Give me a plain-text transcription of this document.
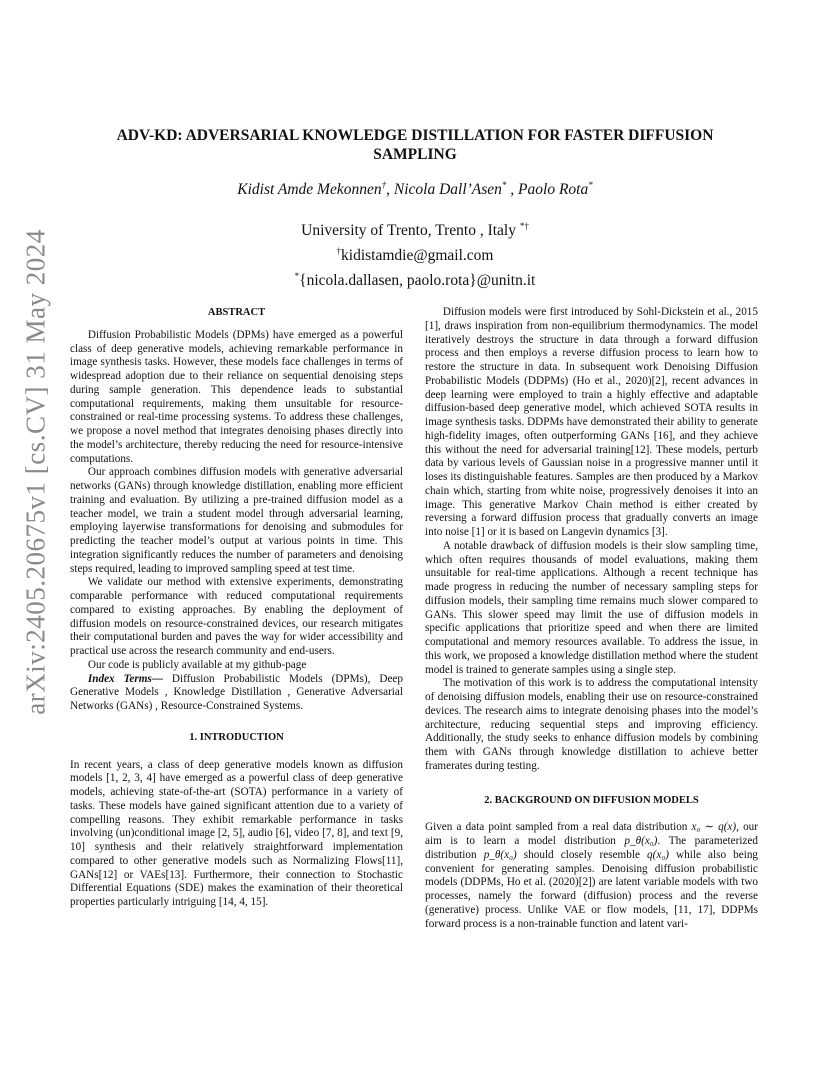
arXiv:2405.20675v1 [cs.CV] 31 May 2024
ADV-KD: ADVERSARIAL KNOWLEDGE DISTILLATION FOR FASTER DIFFUSION SAMPLING
Kidist Amde Mekonnen†, Nicola Dall’Asen* , Paolo Rota*
University of Trento, Trento , Italy *†
†kidistamdie@gmail.com
*{nicola.dallasen, paolo.rota}@unitn.it

ABSTRACT

Diffusion Probabilistic Models (DPMs) have emerged as a powerful class of deep generative models, achieving remarkable performance in image synthesis tasks. However, these models face challenges in terms of widespread adoption due to their reliance on sequential denoising steps during sample generation. This dependence leads to substantial computational requirements, making them unsuitable for resource-constrained or real-time processing systems. To address these challenges, we propose a novel method that integrates denoising phases directly into the model’s architecture, thereby reducing the need for resource-intensive computations.

Our approach combines diffusion models with generative adversarial networks (GANs) through knowledge distillation, enabling more efficient training and evaluation. By utilizing a pre-trained diffusion model as a teacher model, we train a student model through adversarial learning, employing layerwise transformations for denoising and submodules for predicting the teacher model’s output at various points in time. This integration significantly reduces the number of parameters and denoising steps required, leading to improved sampling speed at test time.

We validate our method with extensive experiments, demonstrating comparable performance with reduced computational requirements compared to existing approaches. By enabling the deployment of diffusion models on resource-constrained devices, our research mitigates their computational burden and paves the way for wider accessibility and practical use across the research community and end-users.

Our code is publicly available at my github-page

Index Terms— Diffusion Probabilistic Models (DPMs), Deep Generative Models , Knowledge Distillation , Generative Adversarial Networks (GANs) , Resource-Constrained Systems.

1. INTRODUCTION

In recent years, a class of deep generative models known as diffusion models [1, 2, 3, 4] have emerged as a powerful class of deep generative models, achieving state-of-the-art (SOTA) performance in a variety of tasks. These models have gained significant attention due to a variety of compelling reasons. They exhibit remarkable performance in tasks involving (un)conditional image [2, 5], audio [6], video [7, 8], and text [9, 10] synthesis and their relatively straightforward implementation compared to other generative models such as Normalizing Flows[11], GANs[12] or VAEs[13]. Furthermore, their connection to Stochastic Differential Equations (SDE) makes the examination of their theoretical properties particularly intriguing [14, 4, 15].

Diffusion models were first introduced by Sohl-Dickstein et al., 2015 [1], draws inspiration from non-equilibrium thermodynamics. The model iteratively destroys the structure in data through a forward diffusion process and then employs a reverse diffusion process to learn how to restore the structure in data. In subsequent work Denoising Diffusion Probabilistic Models (DDPMs) (Ho et al., 2020)[2], recent advances in deep learning were employed to train a highly effective and adaptable diffusion-based deep generative model, which achieved SOTA results in image synthesis tasks. DDPMs have demonstrated their ability to generate high-fidelity images, often outperforming GANs [16], and they achieve this without the need for adversarial training[12]. These models, perturb data by various levels of Gaussian noise in a progressive manner until it loses its distinguishable features. Samples are then produced by a Markov chain which, starting from white noise, progressively denoises it into an image. This generative Markov Chain method is either created by reversing a forward diffusion process that gradually converts an image into noise [1] or it is based on Langevin dynamics [3].

A notable drawback of diffusion models is their slow sampling time, which often requires thousands of model evaluations, making them unsuitable for real-time applications. Although a recent technique has made progress in reducing the number of necessary sampling steps for diffusion models, their sampling time remains much slower compared to GANs. This slower speed may limit the use of diffusion models in specific applications that prioritize speed and when there are limited computational and memory resources available. To address the issue, in this work, we proposed a knowledge distillation method where the student model is trained to generate samples using a single step.

The motivation of this work is to address the computational intensity of denoising diffusion models, enabling their use on resource-constrained devices. The research aims to integrate denoising phases into the model’s architecture, reducing sequential steps and improving efficiency. Additionally, the study seeks to enhance diffusion models by combining them with GANs through knowledge distillation to achieve better framerates during testing.

2. BACKGROUND ON DIFFUSION MODELS

Given a data point sampled from a real data distribution x₀ ∼ q(x), our aim is to learn a model distribution p_θ(x₀). The parameterized distribution p_θ(x₀) should closely resemble q(x₀) while also being convenient for generating samples. Denoising diffusion probabilistic models (DDPMs, Ho et al. (2020)[2]) are latent variable models with two processes, namely the forward (diffusion) process and the reverse (generative) process. Unlike VAE or flow models, [11, 17], DDPMs forward process is a non-trainable function and latent vari-
